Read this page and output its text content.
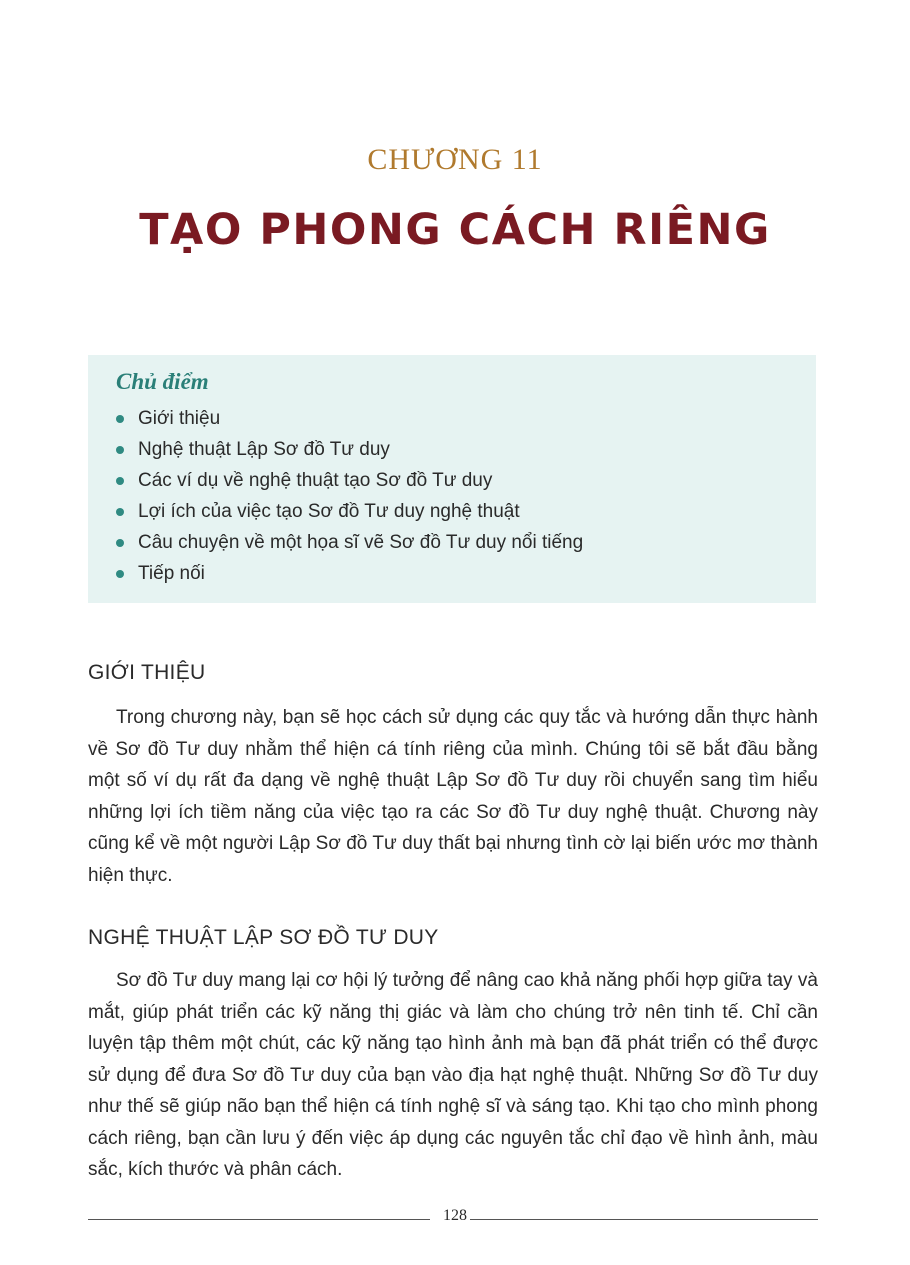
CHƯƠNG 11
TẠO PHONG CÁCH RIÊNG
Chủ điểm
Giới thiệu
Nghệ thuật Lập Sơ đồ Tư duy
Các ví dụ về nghệ thuật tạo Sơ đồ Tư duy
Lợi ích của việc tạo Sơ đồ Tư duy nghệ thuật
Câu chuyện về một họa sĩ vẽ Sơ đồ Tư duy nổi tiếng
Tiếp nối
GIỚI THIỆU

Trong chương này, bạn sẽ học cách sử dụng các quy tắc và hướng dẫn thực hành về Sơ đồ Tư duy nhằm thể hiện cá tính riêng của mình. Chúng tôi sẽ bắt đầu bằng một số ví dụ rất đa dạng về nghệ thuật Lập Sơ đồ Tư duy rồi chuyển sang tìm hiểu những lợi ích tiềm năng của việc tạo ra các Sơ đồ Tư duy nghệ thuật. Chương này cũng kể về một người Lập Sơ đồ Tư duy thất bại nhưng tình cờ lại biến ước mơ thành hiện thực.

NGHỆ THUẬT LẬP SƠ ĐỒ TƯ DUY

Sơ đồ Tư duy mang lại cơ hội lý tưởng để nâng cao khả năng phối hợp giữa tay và mắt, giúp phát triển các kỹ năng thị giác và làm cho chúng trở nên tinh tế. Chỉ cần luyện tập thêm một chút, các kỹ năng tạo hình ảnh mà bạn đã phát triển có thể được sử dụng để đưa Sơ đồ Tư duy của bạn vào địa hạt nghệ thuật. Những Sơ đồ Tư duy như thế sẽ giúp não bạn thể hiện cá tính nghệ sĩ và sáng tạo. Khi tạo cho mình phong cách riêng, bạn cần lưu ý đến việc áp dụng các nguyên tắc chỉ đạo về hình ảnh, màu sắc, kích thước và phân cách.

128
